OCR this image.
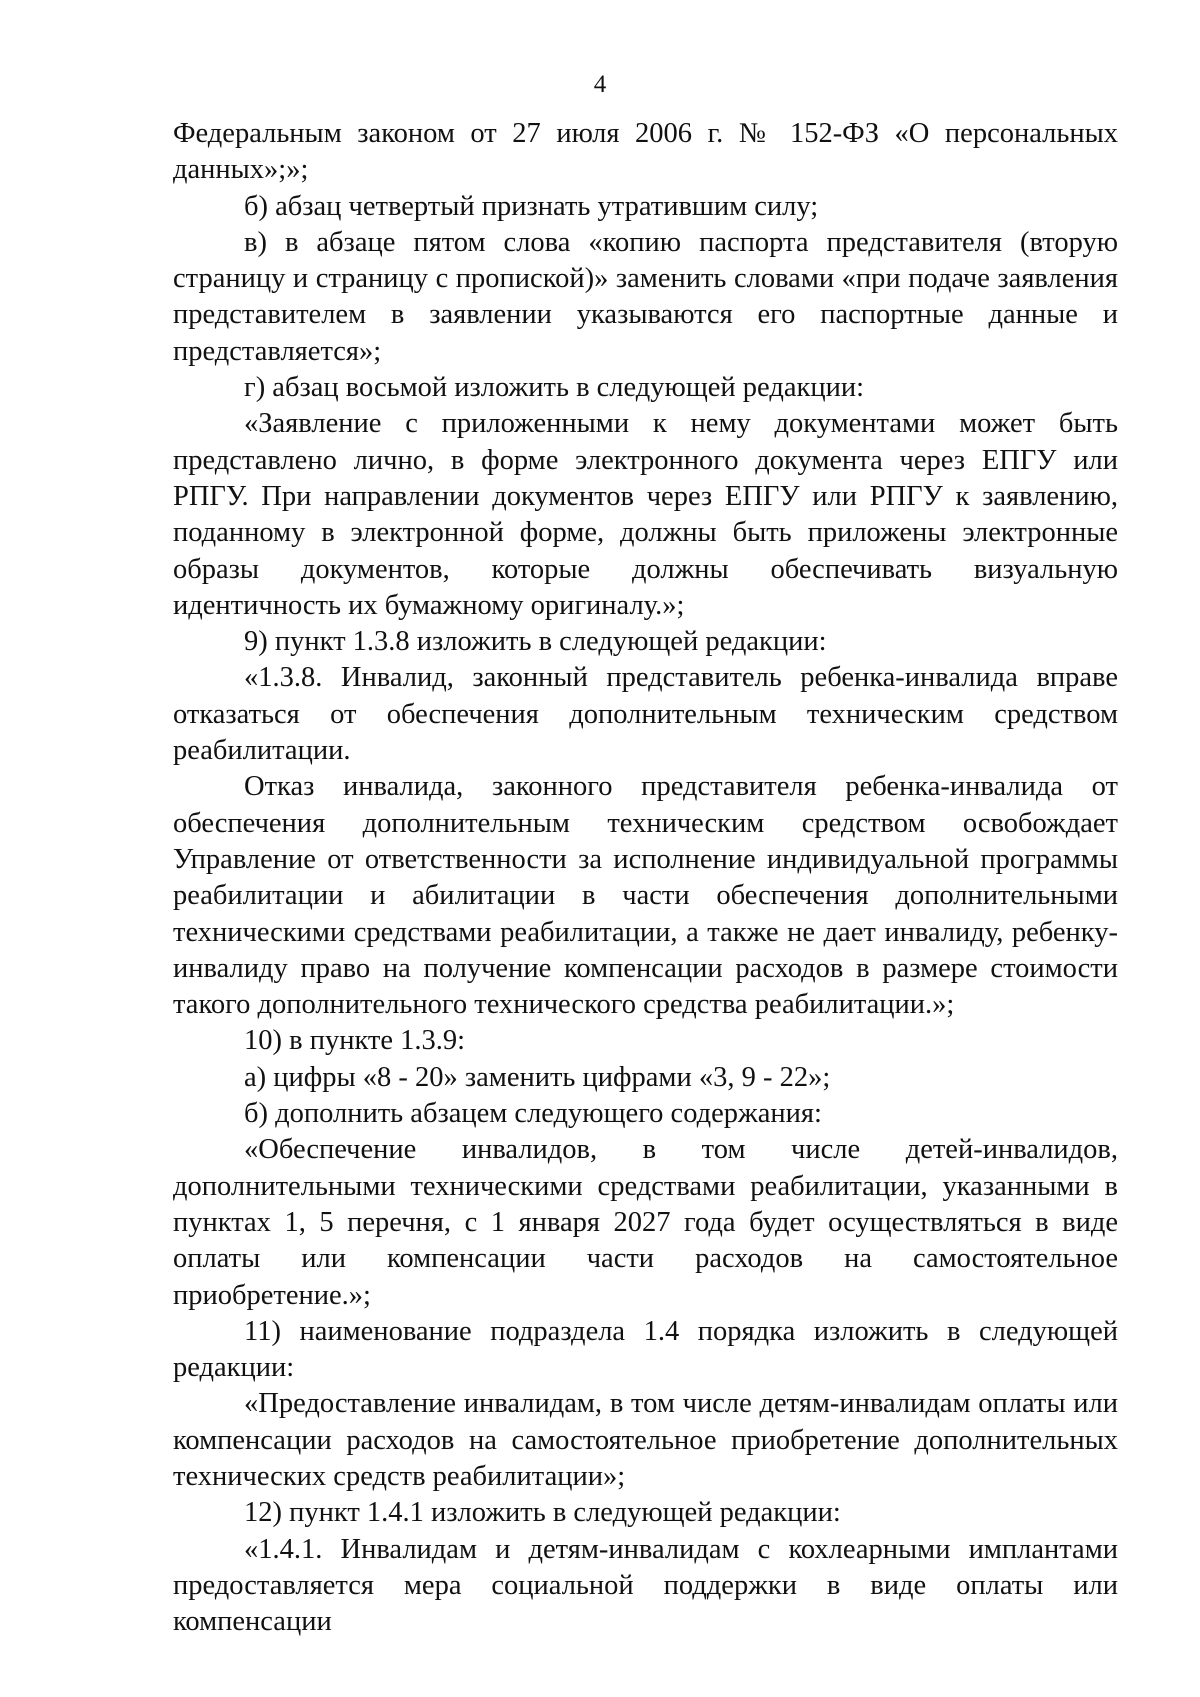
4

Федеральным законом от 27 июля 2006 г. № 152-ФЗ «О персональных данных»;»;

б) абзац четвертый признать утратившим силу;

в) в абзаце пятом слова «копию паспорта представителя (вторую страницу и страницу с пропиской)» заменить словами «при подаче заявления представителем в заявлении указываются его паспортные данные и представляется»;

г) абзац восьмой изложить в следующей редакции:

«Заявление с приложенными к нему документами может быть представлено лично, в форме электронного документа через ЕПГУ или РПГУ. При направлении документов через ЕПГУ или РПГУ к заявлению, поданному в электронной форме, должны быть приложены электронные образы документов, которые должны обеспечивать визуальную идентичность их бумажному оригиналу.»;

9) пункт 1.3.8 изложить в следующей редакции:

«1.3.8. Инвалид, законный представитель ребенка-инвалида вправе отказаться от обеспечения дополнительным техническим средством реабилитации.

Отказ инвалида, законного представителя ребенка-инвалида от обеспечения дополнительным техническим средством освобождает Управление от ответственности за исполнение индивидуальной программы реабилитации и абилитации в части обеспечения дополнительными техническими средствами реабилитации, а также не дает инвалиду, ребенку-инвалиду право на получение компенсации расходов в размере стоимости такого дополнительного технического средства реабилитации.»;

10) в пункте 1.3.9:

а) цифры «8 - 20» заменить цифрами «3, 9 - 22»;

б) дополнить абзацем следующего содержания:

«Обеспечение инвалидов, в том числе детей-инвалидов, дополнительными техническими средствами реабилитации, указанными в пунктах 1, 5 перечня, с 1 января 2027 года будет осуществляться в виде оплаты или компенсации части расходов на самостоятельное приобретение.»;

11) наименование подраздела 1.4 порядка изложить в следующей редакции:

«Предоставление инвалидам, в том числе детям-инвалидам оплаты или компенсации расходов на самостоятельное приобретение дополнительных технических средств реабилитации»;

12) пункт 1.4.1 изложить в следующей редакции:

«1.4.1. Инвалидам и детям-инвалидам с кохлеарными имплантами предоставляется мера социальной поддержки в виде оплаты или компенсации
